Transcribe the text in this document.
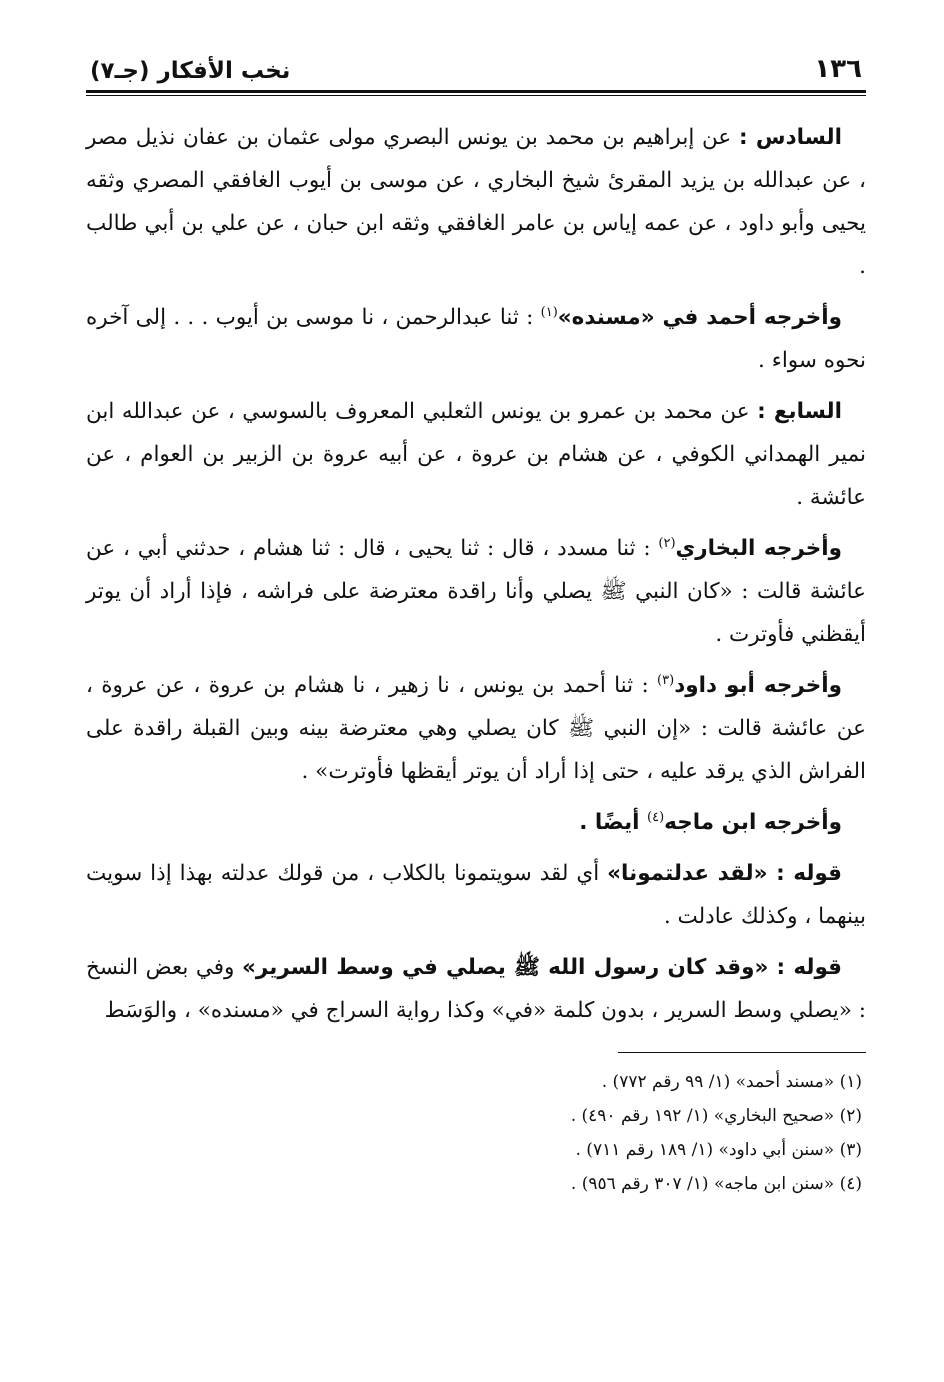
١٣٦
نخب الأفكار (جـ٧)

السادس : عن إبراهيم بن محمد بن يونس البصري مولى عثمان بن عفان نذيل مصر ، عن عبدالله بن يزيد المقرئ شيخ البخاري ، عن موسى بن أيوب الغافقي المصري وثقه يحيى وأبو داود ، عن عمه إياس بن عامر الغافقي وثقه ابن حبان ، عن علي بن أبي طالب .

وأخرجه أحمد في «مسنده»$^{(١)}$ : ثنا عبدالرحمن ، نا موسى بن أيوب . . . إلى آخره نحوه سواء .

السابع : عن محمد بن عمرو بن يونس الثعلبي المعروف بالسوسي ، عن عبدالله ابن نمير الهمداني الكوفي ، عن هشام بن عروة ، عن أبيه عروة بن الزبير بن العوام ، عن عائشة .

وأخرجه البخاري$^{(٢)}$ : ثنا مسدد ، قال : ثنا يحيى ، قال : ثنا هشام ، حدثني أبي ، عن عائشة قالت : «كان النبي ﷺ يصلي وأنا راقدة معترضة على فراشه ، فإذا أراد أن يوتر أيقظني فأوترت .

وأخرجه أبو داود$^{(٣)}$ : ثنا أحمد بن يونس ، نا زهير ، نا هشام بن عروة ، عن عروة ، عن عائشة قالت : «إن النبي ﷺ كان يصلي وهي معترضة بينه وبين القبلة راقدة على الفراش الذي يرقد عليه ، حتى إذا أراد أن يوتر أيقظها فأوترت» .

وأخرجه ابن ماجه$^{(٤)}$ أيضًا .

قوله : «لقد عدلتمونا» أي لقد سويتمونا بالكلاب ، من قولك عدلته بهذا إذا سويت بينهما ، وكذلك عادلت .

قوله : «وقد كان رسول الله ﷺ يصلي في وسط السرير» وفي بعض النسخ : «يصلي وسط السرير ، بدون كلمة «في» وكذا رواية السراج في «مسنده» ، والوَسَط

(١) «مسند أحمد» (١/ ٩٩ رقم ٧٧٢) .
(٢) «صحيح البخاري» (١/ ١٩٢ رقم ٤٩٠) .
(٣) «سنن أبي داود» (١/ ١٨٩ رقم ٧١١) .
(٤) «سنن ابن ماجه» (١/ ٣٠٧ رقم ٩٥٦) .
